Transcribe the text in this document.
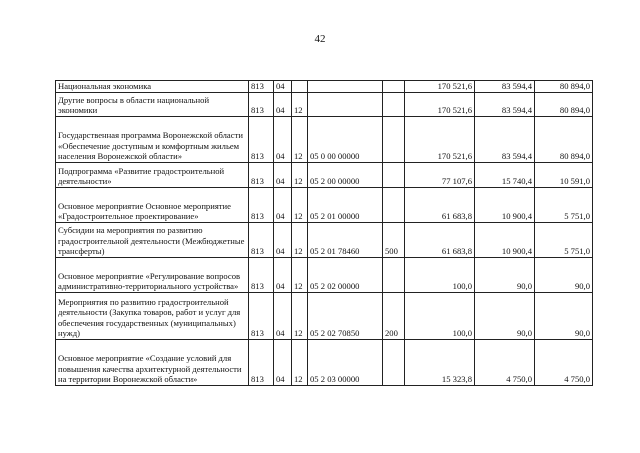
42
Национальная экономика	813	04				170 521,6	83 594,4	80 894,0
Другие вопросы в области национальной экономики	813	04	12			170 521,6	83 594,4	80 894,0
Государственная программа Воронежской области «Обеспечение доступным и комфортным жильем населения Воронежской области»	813	04	12	05 0 00 00000		170 521,6	83 594,4	80 894,0
Подпрограмма «Развитие градостроительной деятельности»	813	04	12	05 2 00 00000		77 107,6	15 740,4	10 591,0
Основное мероприятие Основное мероприятие «Градостроительное проектирование»	813	04	12	05 2 01 00000		61 683,8	10 900,4	5 751,0
Субсидии на мероприятия по развитию градостроительной деятельности (Межбюджетные трансферты)	813	04	12	05 2 01 78460	500	61 683,8	10 900,4	5 751,0
Основное мероприятие «Регулирование вопросов административно-территориального устройства»	813	04	12	05 2 02 00000		100,0	90,0	90,0
Мероприятия по развитию градостроительной деятельности (Закупка товаров, работ и услуг для обеспечения государственных (муниципальных) нужд)	813	04	12	05 2 02 70850	200	100,0	90,0	90,0
Основное мероприятие «Создание условий для повышения качества архитектурной деятельности на территории Воронежской области»	813	04	12	05 2 03 00000		15 323,8	4 750,0	4 750,0
